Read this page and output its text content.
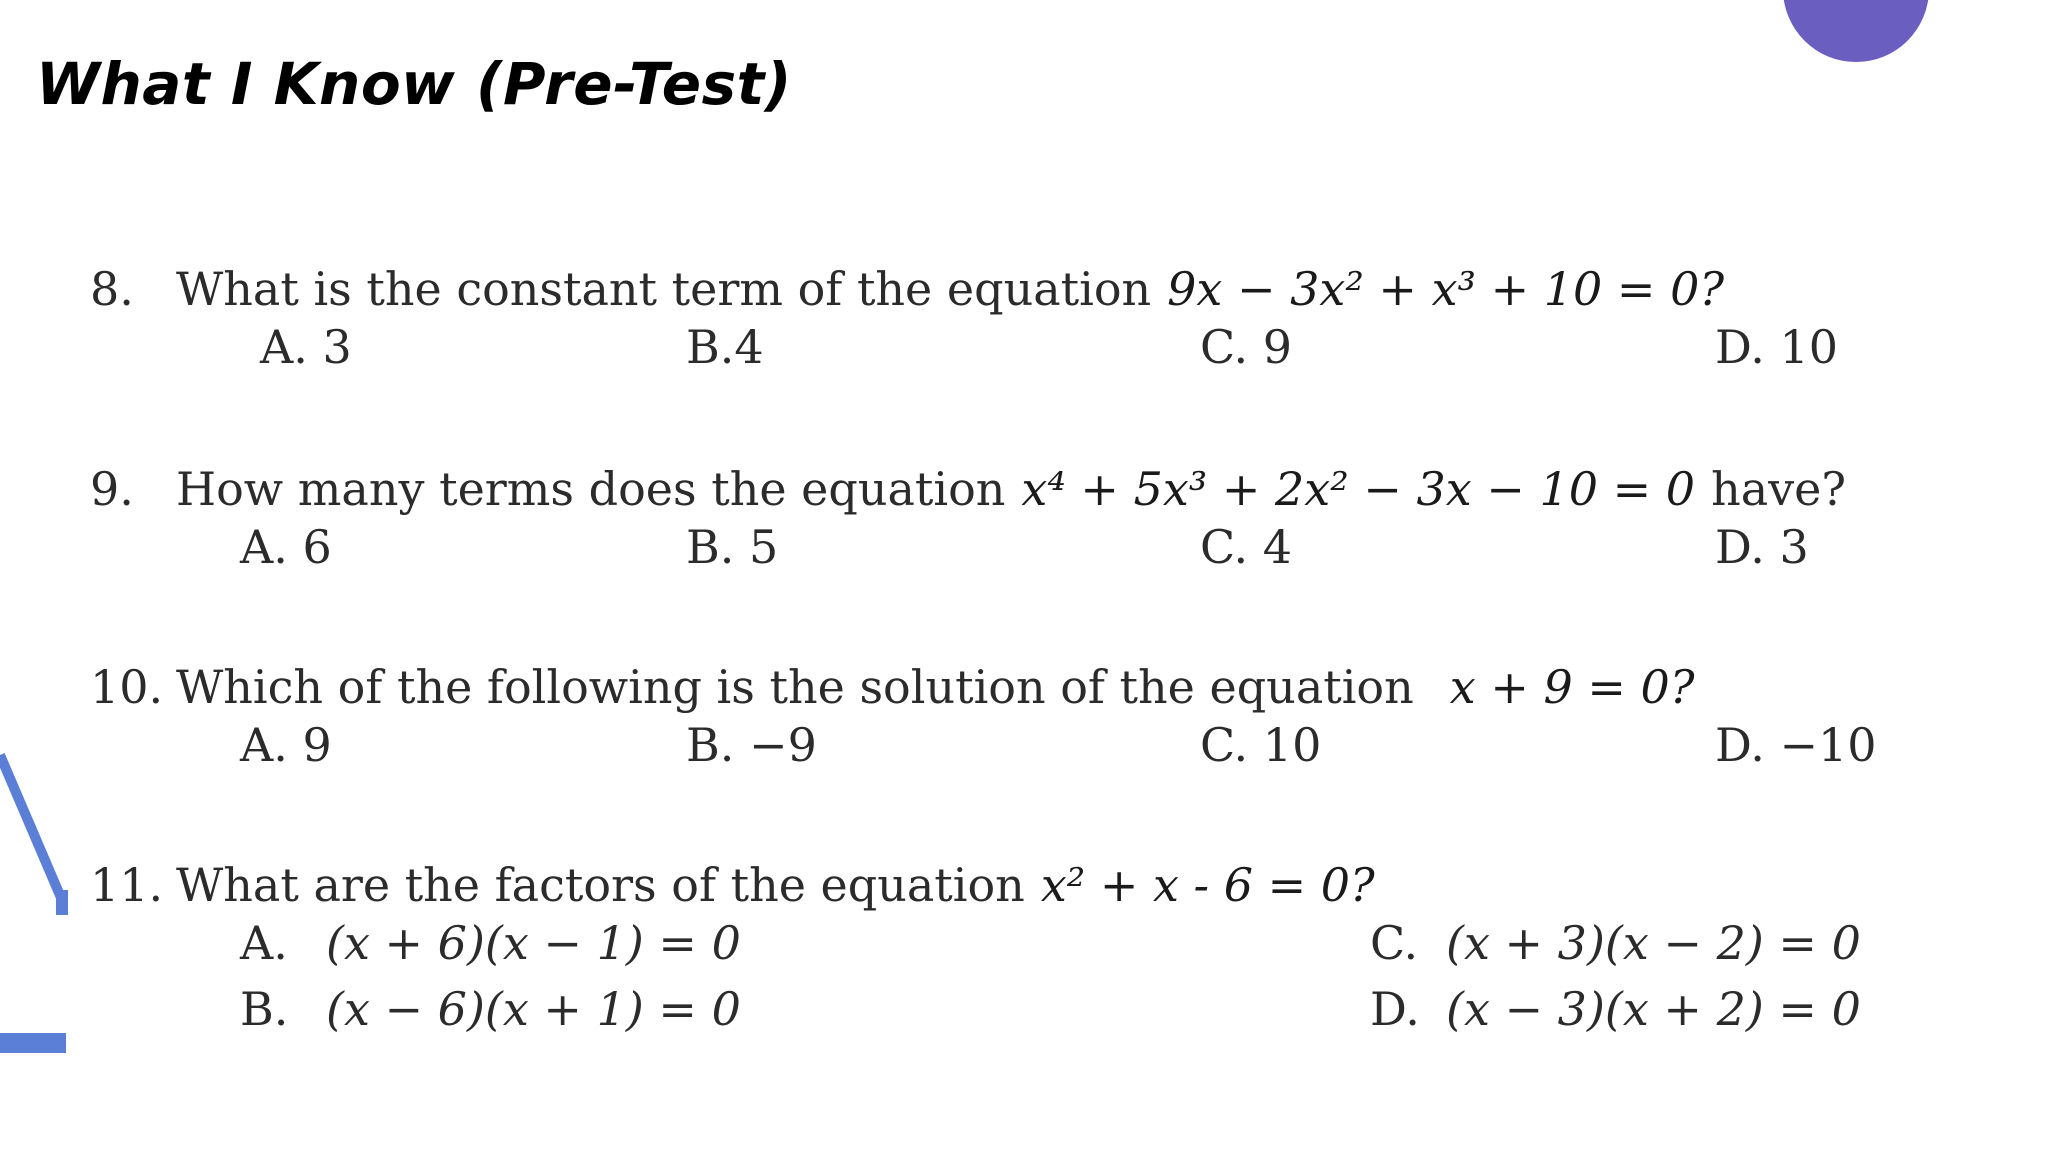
What I Know (Pre-Test)
8. What is the constant term of the equation 9x − 3x² + x³ + 10 = 0?
A. 3	B.4	C. 9	D. 10
9. How many terms does the equation x⁴ + 5x³ + 2x² − 3x − 10 = 0 have?
A. 6	B. 5	C. 4	D. 3
10. Which of the following is the solution of the equation x + 9 = 0?
A. 9	B. −9	C. 10	D. −10
11. What are the factors of the equation x² + x - 6 = 0?
A. (x + 6)(x − 1) = 0
B. (x − 6)(x + 1) = 0
C. (x + 3)(x − 2) = 0
D. (x − 3)(x + 2) = 0
